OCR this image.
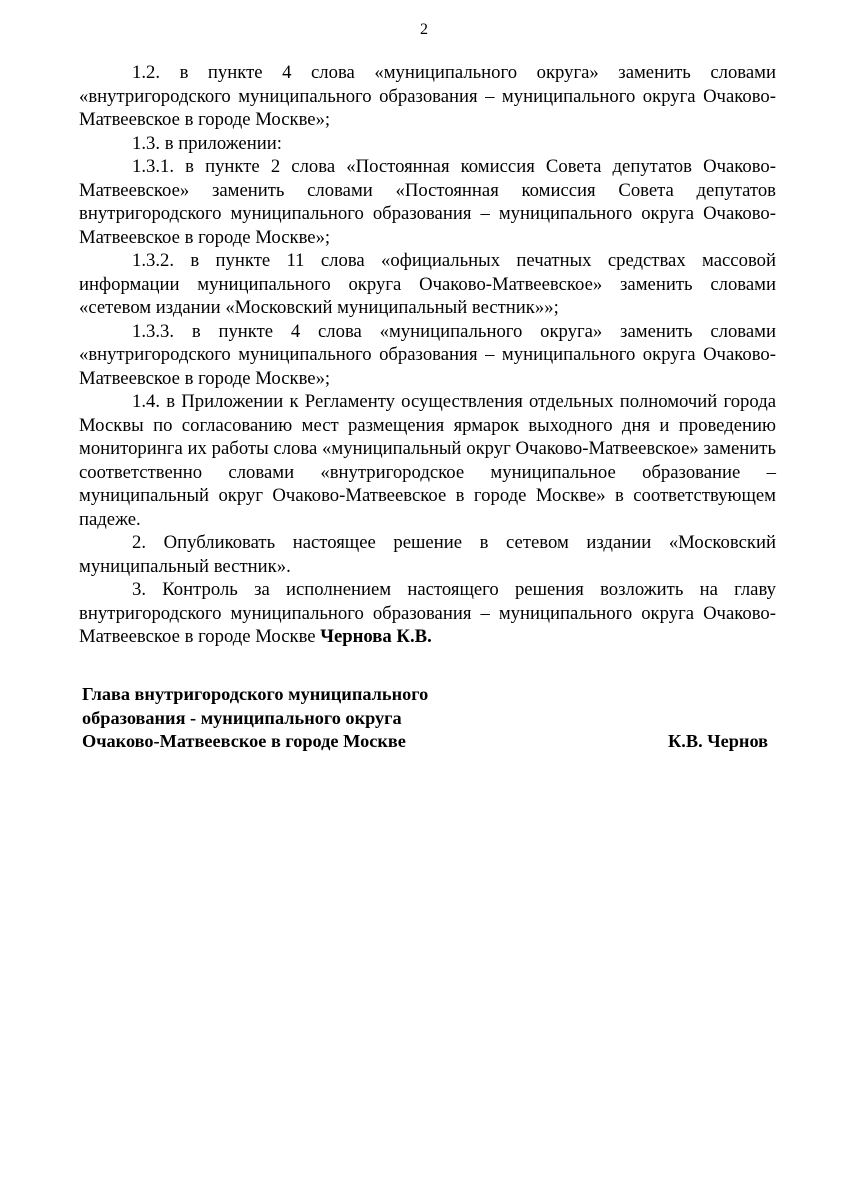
2

1.2. в пункте 4 слова «муниципального округа» заменить словами «внутригородского муниципального образования – муниципального округа Очаково-Матвеевское в городе Москве»;

1.3. в приложении:

1.3.1. в пункте 2 слова «Постоянная комиссия Совета депутатов Очаково-Матвеевское» заменить словами «Постоянная комиссия Совета депутатов внутригородского муниципального образования – муниципального округа Очаково-Матвеевское в городе Москве»;

1.3.2. в пункте 11 слова «официальных печатных средствах массовой информации муниципального округа Очаково-Матвеевское» заменить словами «сетевом издании «Московский муниципальный вестник»»;

1.3.3. в пункте 4 слова «муниципального округа» заменить словами «внутригородского муниципального образования – муниципального округа Очаково-Матвеевское в городе Москве»;

1.4. в Приложении к Регламенту осуществления отдельных полномочий города Москвы по согласованию мест размещения ярмарок выходного дня и проведению мониторинга их работы слова «муниципальный округ Очаково-Матвеевское» заменить соответственно словами «внутригородское муниципальное образование – муниципальный округ Очаково-Матвеевское в городе Москве» в соответствующем падеже.

2. Опубликовать настоящее решение в сетевом издании «Московский муниципальный вестник».

3. Контроль за исполнением настоящего решения возложить на главу внутригородского муниципального образования – муниципального округа Очаково-Матвеевское в городе Москве Чернова К.В.

Глава внутригородского муниципального
образования - муниципального округа
Очаково-Матвеевское в городе Москве	К.В. Чернов
